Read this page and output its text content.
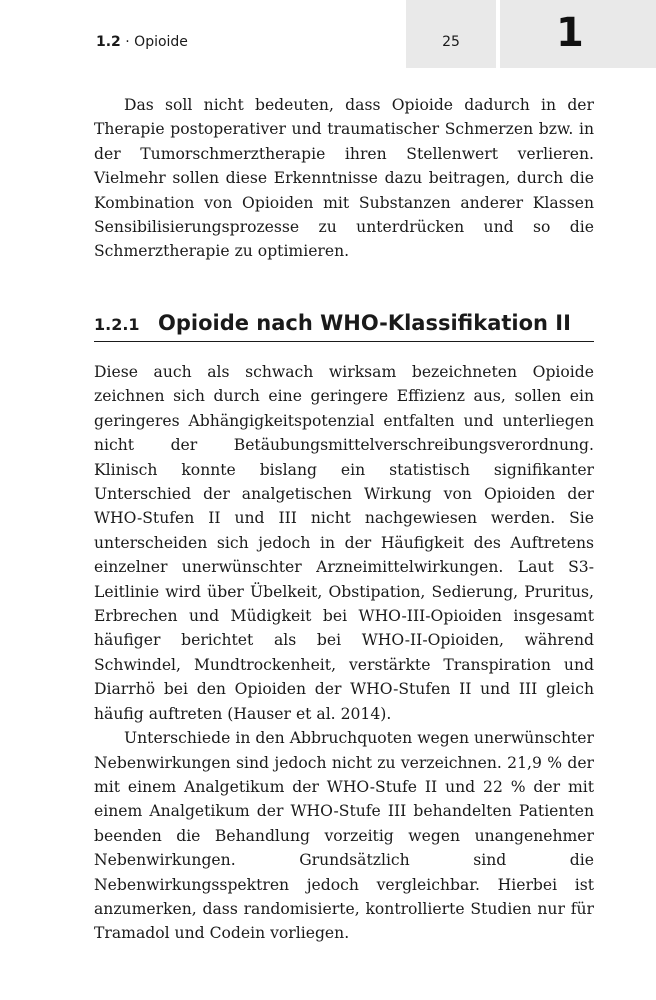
1.2 · Opioide	25	1

Das soll nicht bedeuten, dass Opioide dadurch in der Therapie postoperativer und traumatischer Schmerzen bzw. in der Tumorschmerztherapie ihren Stellenwert verlieren. Vielmehr sollen diese Erkenntnisse dazu beitragen, durch die Kombination von Opioiden mit Substanzen anderer Klassen Sensibilisierungsprozesse zu unterdrücken und so die Schmerztherapie zu optimieren.

1.2.1 Opioide nach WHO-Klassifikation II

Diese auch als schwach wirksam bezeichneten Opioide zeichnen sich durch eine geringere Effizienz aus, sollen ein geringeres Abhängigkeitspotenzial entfalten und unterliegen nicht der Betäubungsmittelverschreibungsverordnung. Klinisch konnte bislang ein statistisch signifikanter Unterschied der analgetischen Wirkung von Opioiden der WHO-Stufen II und III nicht nachgewiesen werden. Sie unterscheiden sich jedoch in der Häufigkeit des Auftretens einzelner unerwünschter Arzneimittelwirkungen. Laut S3-Leitlinie wird über Übelkeit, Obstipation, Sedierung, Pruritus, Erbrechen und Müdigkeit bei WHO-III-Opioiden insgesamt häufiger berichtet als bei WHO-II-Opioiden, während Schwindel, Mundtrockenheit, verstärkte Transpiration und Diarrhö bei den Opioiden der WHO-Stufen II und III gleich häufig auftreten (Hauser et al. 2014).

Unterschiede in den Abbruchquoten wegen unerwünschter Nebenwirkungen sind jedoch nicht zu verzeichnen. 21,9 % der mit einem Analgetikum der WHO-Stufe II und 22 % der mit einem Analgetikum der WHO-Stufe III behandelten Patienten beenden die Behandlung vorzeitig wegen unangenehmer Nebenwirkungen. Grundsätzlich sind die Nebenwirkungsspektren jedoch vergleichbar. Hierbei ist anzumerken, dass randomisierte, kontrollierte Studien nur für Tramadol und Codein vorliegen.
